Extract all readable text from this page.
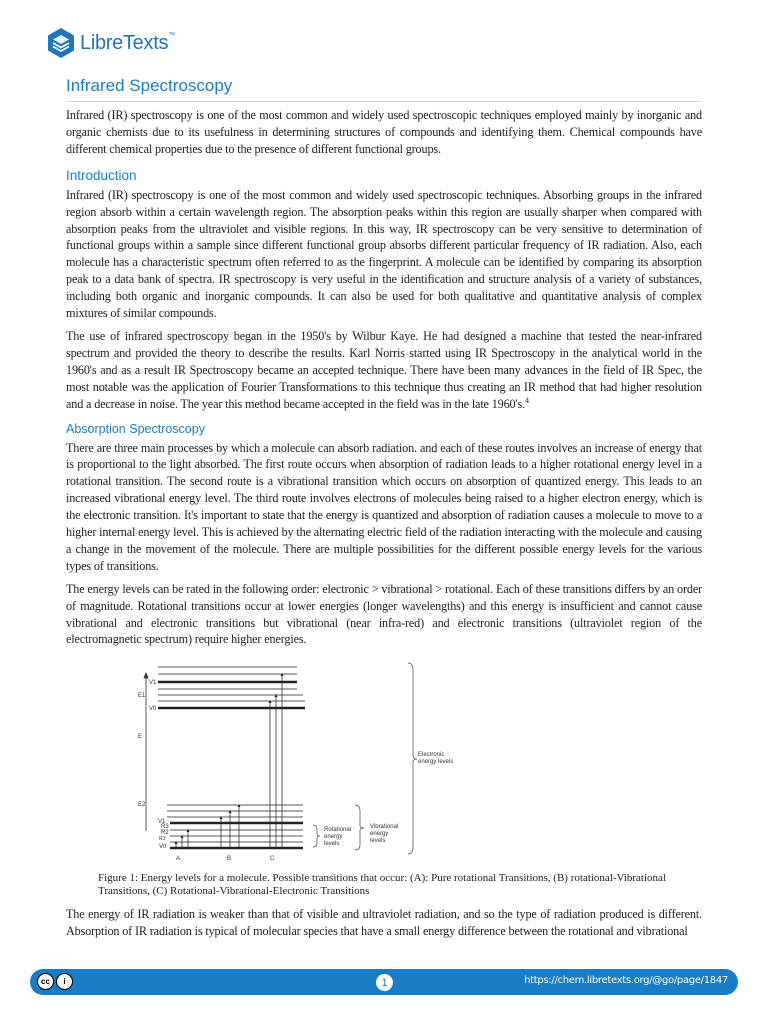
LibreTexts™
Infrared Spectroscopy

Infrared (IR) spectroscopy is one of the most common and widely used spectroscopic techniques employed mainly by inorganic and organic chemists due to its usefulness in determining structures of compounds and identifying them. Chemical compounds have different chemical properties due to the presence of different functional groups.

Introduction

Infrared (IR) spectroscopy is one of the most common and widely used spectroscopic techniques. Absorbing groups in the infrared region absorb within a certain wavelength region. The absorption peaks within this region are usually sharper when compared with absorption peaks from the ultraviolet and visible regions. In this way, IR spectroscopy can be very sensitive to determination of functional groups within a sample since different functional group absorbs different particular frequency of IR radiation. Also, each molecule has a characteristic spectrum often referred to as the fingerprint. A molecule can be identified by comparing its absorption peak to a data bank of spectra. IR spectroscopy is very useful in the identification and structure analysis of a variety of substances, including both organic and inorganic compounds. It can also be used for both qualitative and quantitative analysis of complex mixtures of similar compounds.

The use of infrared spectroscopy began in the 1950's by Wilbur Kaye. He had designed a machine that tested the near-infrared spectrum and provided the theory to describe the results. Karl Norris started using IR Spectroscopy in the analytical world in the 1960's and as a result IR Spectroscopy became an accepted technique. There have been many advances in the field of IR Spec, the most notable was the application of Fourier Transformations to this technique thus creating an IR method that had higher resolution and a decrease in noise. The year this method became accepted in the field was in the late 1960's.$^4$

Absorption Spectroscopy

There are three main processes by which a molecule can absorb radiation. and each of these routes involves an increase of energy that is proportional to the light absorbed. The first route occurs when absorption of radiation leads to a higher rotational energy level in a rotational transition. The second route is a vibrational transition which occurs on absorption of quantized energy. This leads to an increased vibrational energy level. The third route involves electrons of molecules being raised to a higher electron energy, which is the electronic transition. It's important to state that the energy is quantized and absorption of radiation causes a molecule to move to a higher internal energy level. This is achieved by the alternating electric field of the radiation interacting with the molecule and causing a change in the movement of the molecule. There are multiple possibilities for the different possible energy levels for the various types of transitions.

The energy levels can be rated in the following order: electronic > vibrational > rotational. Each of these transitions differs by an order of magnitude. Rotational transitions occur at lower energies (longer wavelengths) and this energy is insufficient and cannot cause vibrational and electronic transitions but vibrational (near infra-red) and electronic transitions (ultraviolet region of the electromagnetic spectrum) require higher energies.

V1
E1
V0
E
E2
V1
R3
R2
R1
V0
A	B	C
Rotational
energy
levels
Vibrational
energy
levels
Electronic
energy levels
Figure 1: Energy levels for a molecule. Possible transitions that occur: (A): Pure rotational Transitions, (B) rotational-Vibrational Transitions, (C) Rotational-Vibrational-Electronic Transitions

The energy of IR radiation is weaker than that of visible and ultraviolet radiation, and so the type of radiation produced is different. Absorption of IR radiation is typical of molecular species that have a small energy difference between the rotational and vibrational

cc	i	1	https://chem.libretexts.org/@go/page/1847
